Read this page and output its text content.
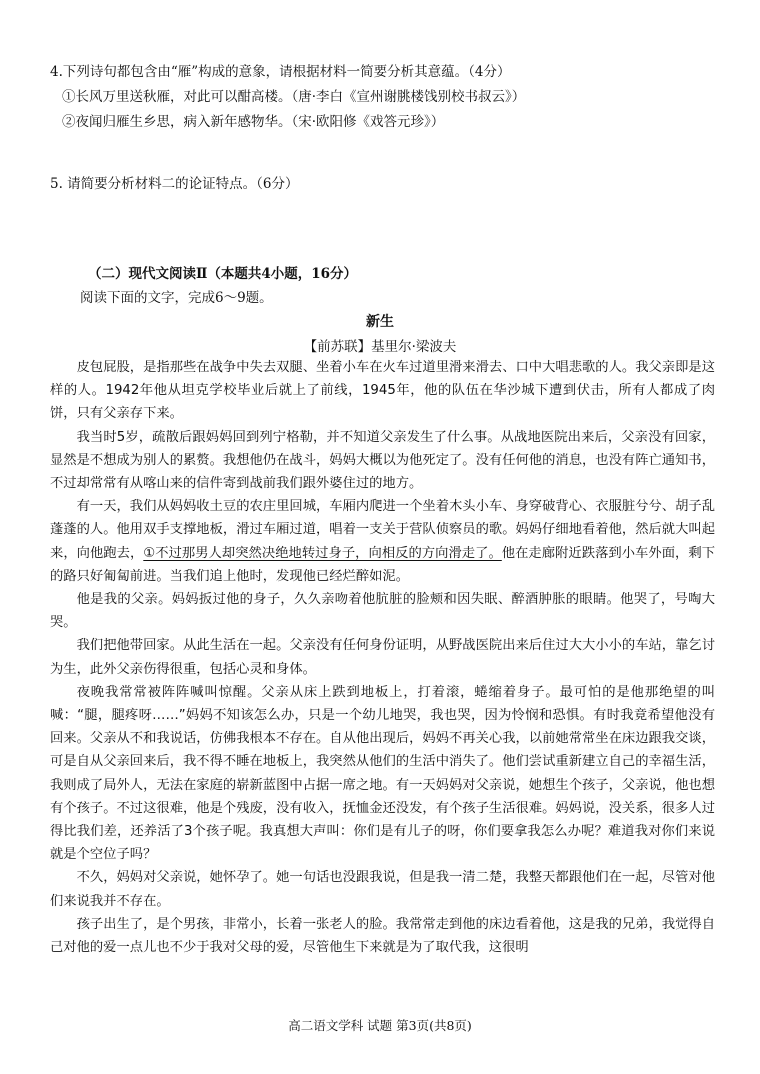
4.下列诗句都包含由“雁”构成的意象，请根据材料一简要分析其意蕴。（4分）

①长风万里送秋雁，对此可以酣高楼。（唐·李白《宣州谢朓楼饯别校书叔云》）

②夜闻归雁生乡思，病入新年感物华。（宋·欧阳修《戏答元珍》）

5. 请简要分析材料二的论证特点。（6分）

（二）现代文阅读Ⅱ（本题共4小题，16分）

阅读下面的文字，完成6～9题。

新生

【前苏联】基里尔·梁波夫

皮包屁股，是指那些在战争中失去双腿、坐着小车在火车过道里滑来滑去、口中大唱悲歌的人。我父亲即是这样的人。1942年他从坦克学校毕业后就上了前线，1945年，他的队伍在华沙城下遭到伏击，所有人都成了肉饼，只有父亲存下来。

我当时5岁，疏散后跟妈妈回到列宁格勒，并不知道父亲发生了什么事。从战地医院出来后，父亲没有回家，显然是不想成为别人的累赘。我想他仍在战斗，妈妈大概以为他死定了。没有任何他的消息，也没有阵亡通知书，不过却常常有从喀山来的信件寄到战前我们跟外婆住过的地方。

有一天，我们从妈妈收土豆的农庄里回城，车厢内爬进一个坐着木头小车、身穿破背心、衣服脏兮兮、胡子乱蓬蓬的人。他用双手支撑地板，滑过车厢过道，唱着一支关于营队侦察员的歌。妈妈仔细地看着他，然后就大叫起来，向他跑去，①不过那男人却突然决绝地转过身子，向相反的方向滑走了。他在走廊附近跌落到小车外面，剩下的路只好匍匐前进。当我们追上他时，发现他已经烂醉如泥。

他是我的父亲。妈妈扳过他的身子，久久亲吻着他肮脏的脸颊和因失眠、醉酒肿胀的眼睛。他哭了，号啕大哭。

我们把他带回家。从此生活在一起。父亲没有任何身份证明，从野战医院出来后住过大大小小的车站，靠乞讨为生，此外父亲伤得很重，包括心灵和身体。

夜晚我常常被阵阵喊叫惊醒。父亲从床上跌到地板上，打着滚，蜷缩着身子。最可怕的是他那绝望的叫喊：“腿，腿疼呀……”妈妈不知该怎么办，只是一个幼儿地哭，我也哭，因为怜悯和恐惧。有时我竟希望他没有回来。父亲从不和我说话，仿佛我根本不存在。自从他出现后，妈妈不再关心我，以前她常常坐在床边跟我交谈，可是自从父亲回来后，我不得不睡在地板上，我突然从他们的生活中消失了。他们尝试重新建立自己的幸福生活，我则成了局外人，无法在家庭的崭新蓝图中占据一席之地。有一天妈妈对父亲说，她想生个孩子，父亲说，他也想有个孩子。不过这很难，他是个残废，没有收入，抚恤金还没发，有个孩子生活很难。妈妈说，没关系，很多人过得比我们差，还养活了3个孩子呢。我真想大声叫：你们是有儿子的呀，你们要拿我怎么办呢？难道我对你们来说就是个空位子吗？

不久，妈妈对父亲说，她怀孕了。她一句话也没跟我说，但是我一清二楚，我整天都跟他们在一起，尽管对他们来说我并不存在。

孩子出生了，是个男孩，非常小，长着一张老人的脸。我常常走到他的床边看着他，这是我的兄弟，我觉得自己对他的爱一点儿也不少于我对父母的爱，尽管他生下来就是为了取代我，这很明

高二语文学科 试题 第3页(共8页)
